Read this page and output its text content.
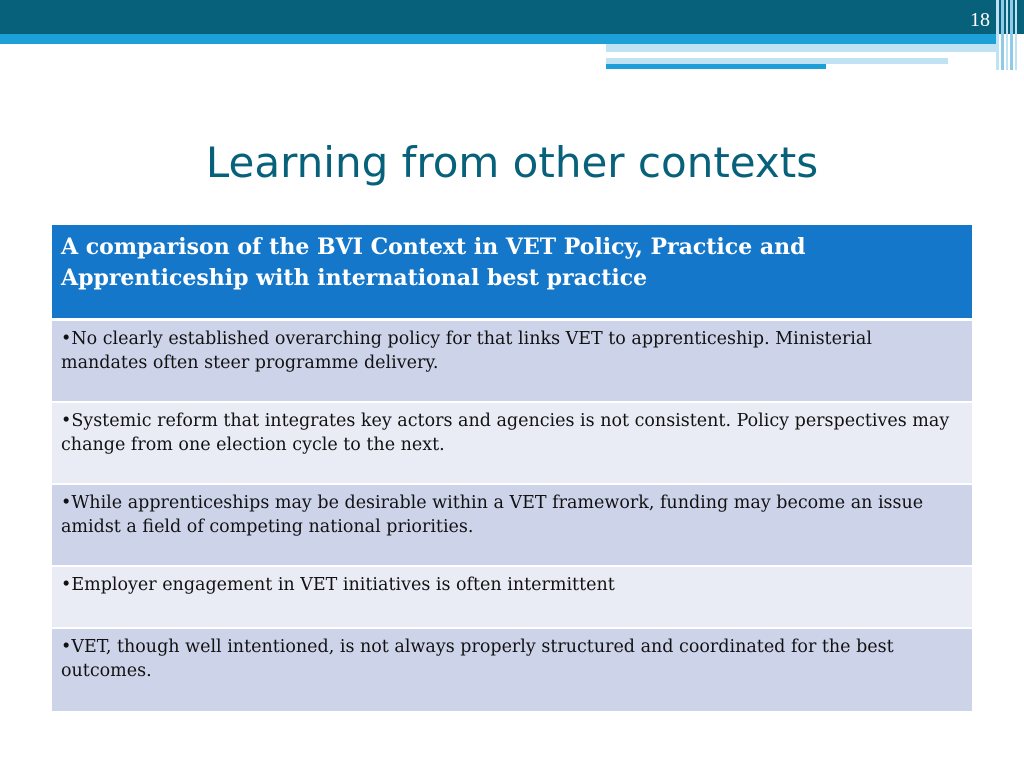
18
Learning from other contexts
A comparison of the BVI Context in VET Policy, Practice and Apprenticeship with international best practice
•No clearly established overarching policy for that links VET to apprenticeship. Ministerial mandates often steer programme delivery.
•Systemic reform that integrates key actors and agencies is not consistent. Policy perspectives may change from one election cycle to the next.
•While apprenticeships may be desirable within a VET framework, funding may become an issue amidst a field of competing national priorities.
•Employer engagement in VET initiatives is often intermittent
•VET, though well intentioned, is not always properly structured and coordinated for the best outcomes.
